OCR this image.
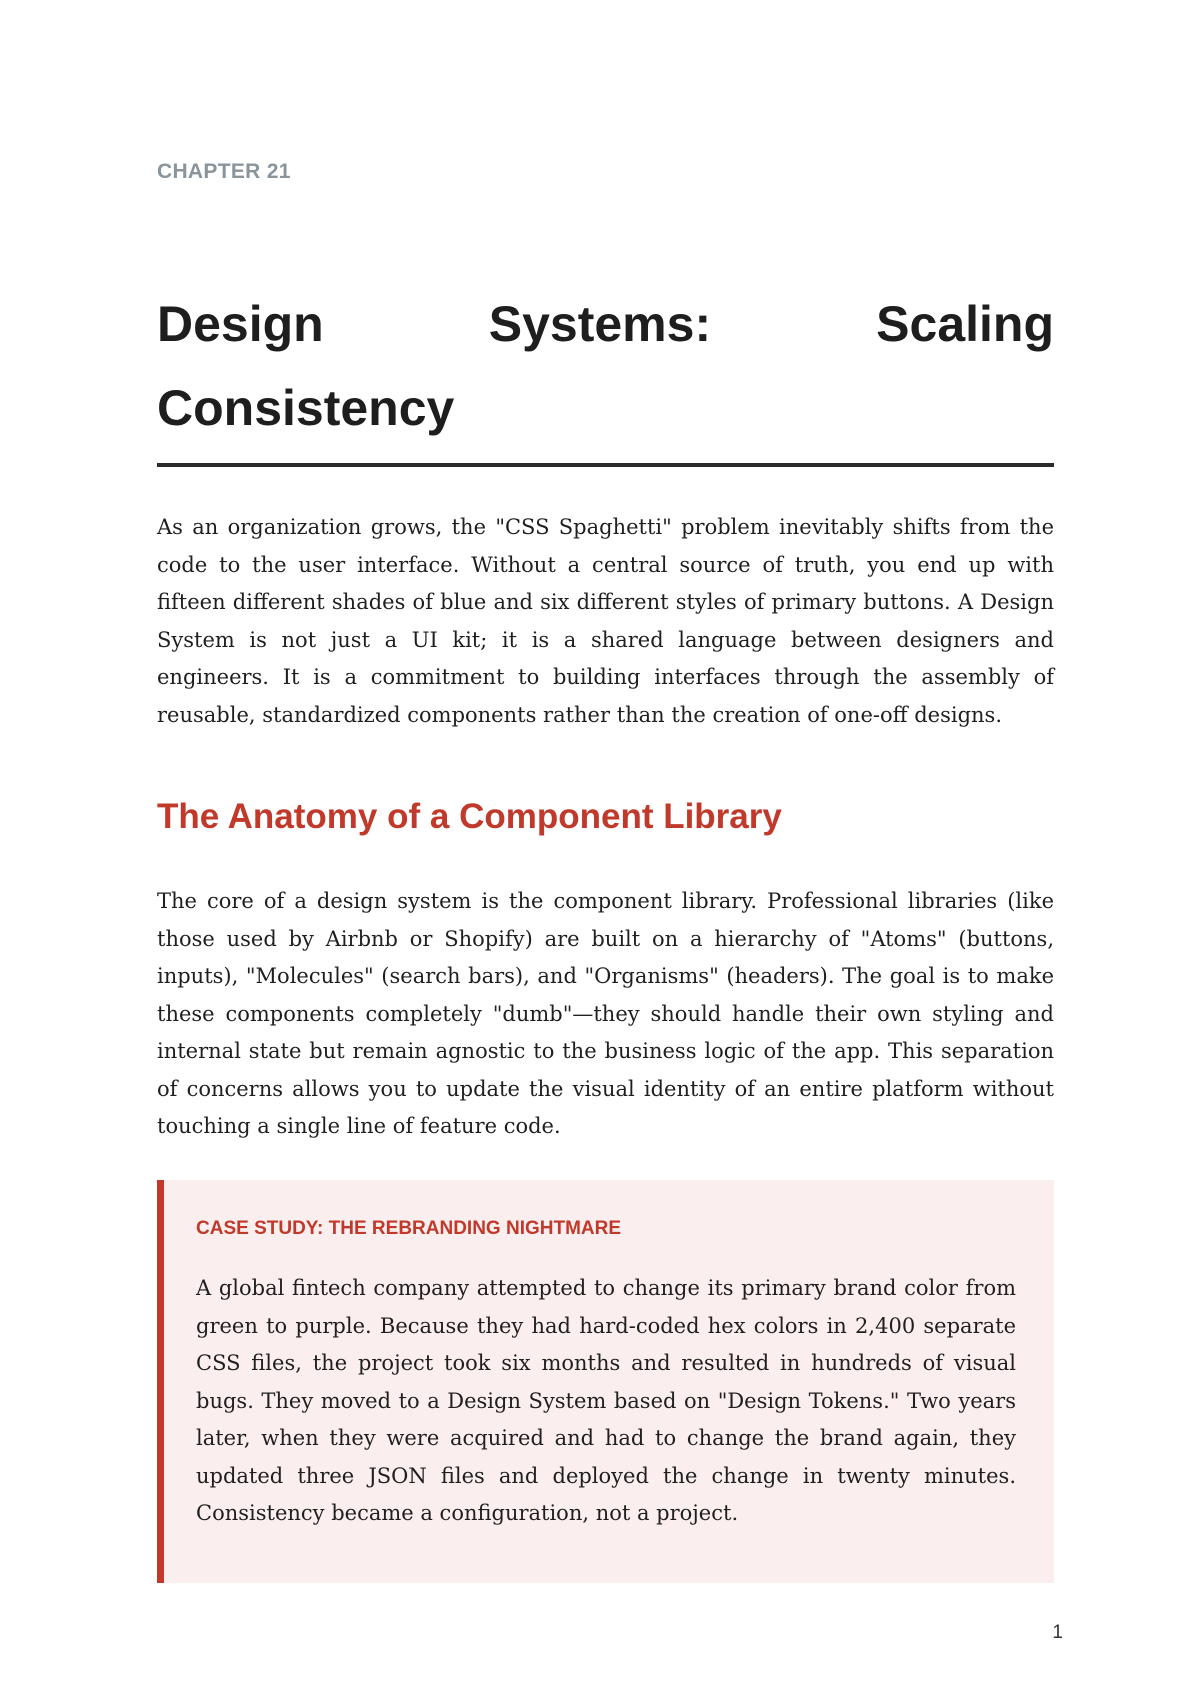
CHAPTER 21
Design Systems: Scaling Consistency

As an organization grows, the "CSS Spaghetti" problem inevitably shifts from the code to the user interface. Without a central source of truth, you end up with fifteen different shades of blue and six different styles of primary buttons. A Design System is not just a UI kit; it is a shared language between designers and engineers. It is a commitment to building interfaces through the assembly of reusable, standardized components rather than the creation of one-off designs.

The Anatomy of a Component Library

The core of a design system is the component library. Professional libraries (like those used by Airbnb or Shopify) are built on a hierarchy of "Atoms" (buttons, inputs), "Molecules" (search bars), and "Organisms" (headers). The goal is to make these components completely "dumb"—they should handle their own styling and internal state but remain agnostic to the business logic of the app. This separation of concerns allows you to update the visual identity of an entire platform without touching a single line of feature code.

CASE STUDY: THE REBRANDING NIGHTMARE

A global fintech company attempted to change its primary brand color from green to purple. Because they had hard-coded hex colors in 2,400 separate CSS files, the project took six months and resulted in hundreds of visual bugs. They moved to a Design System based on "Design Tokens." Two years later, when they were acquired and had to change the brand again, they updated three JSON files and deployed the change in twenty minutes. Consistency became a configuration, not a project.

1
